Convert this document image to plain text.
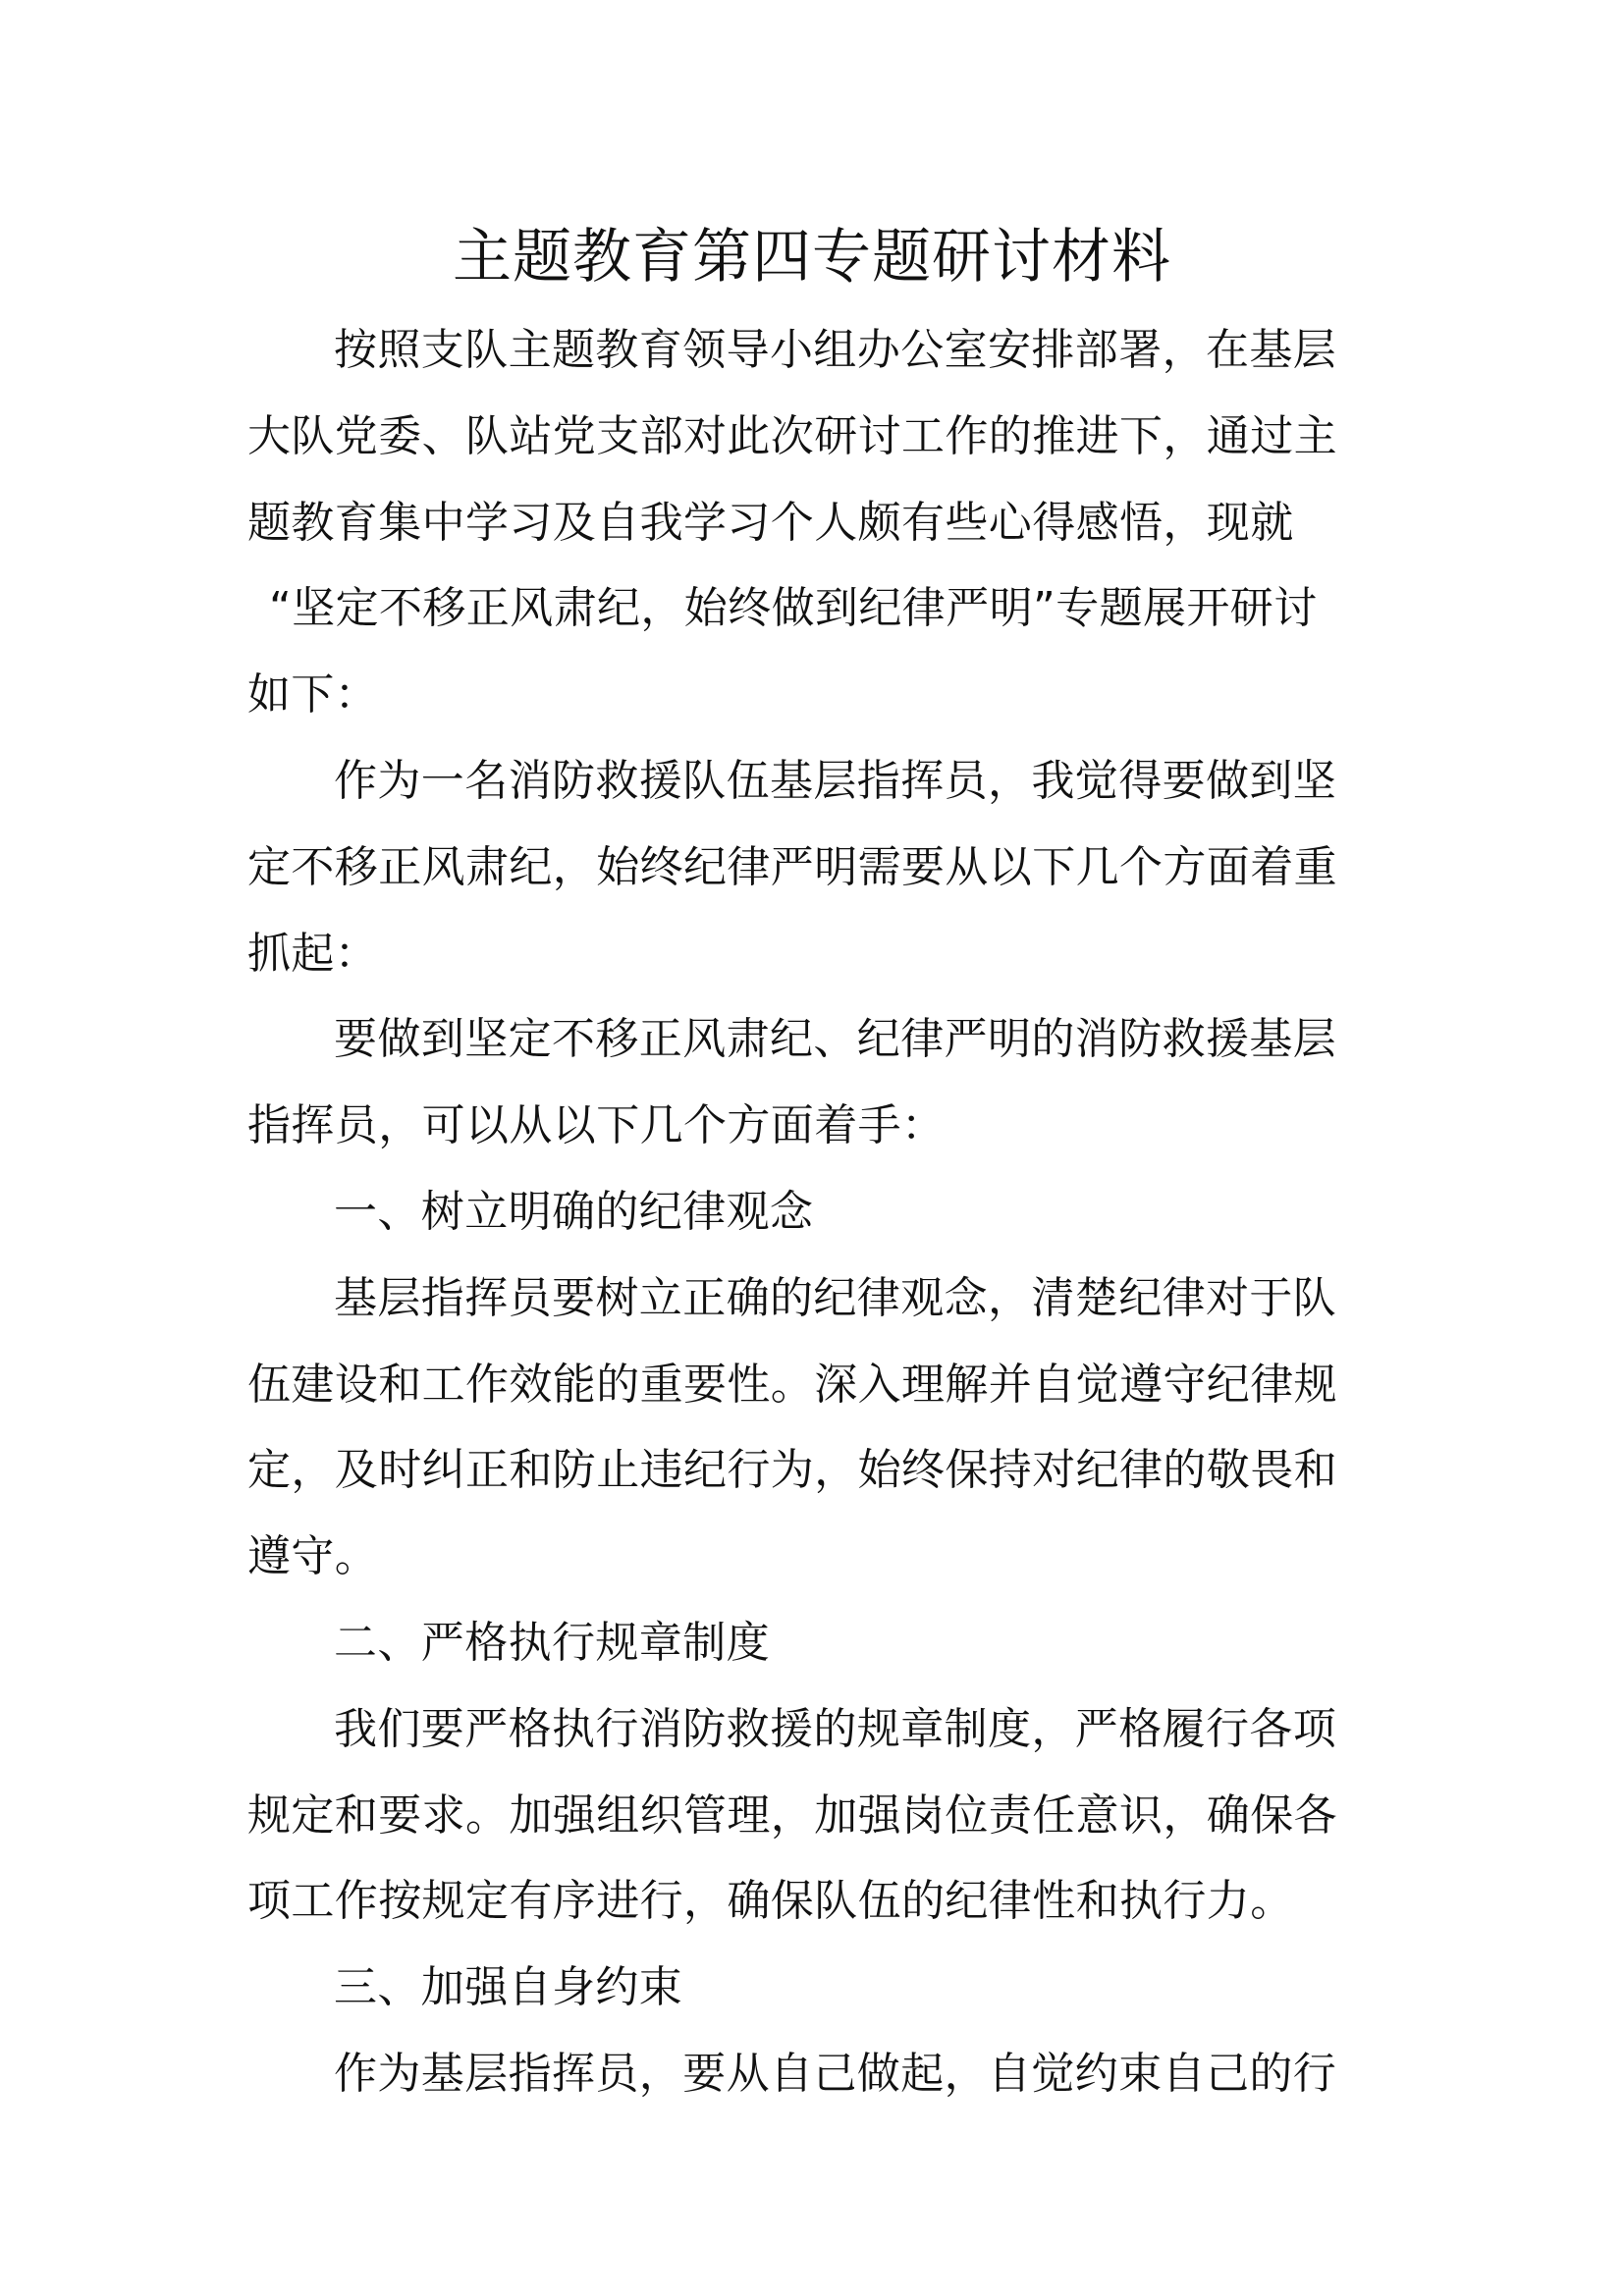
主题教育第四专题研讨材料
按照支队主题教育领导小组办公室安排部署，在基层
大队党委、队站党支部对此次研讨工作的推进下，通过主
题教育集中学习及自我学习个人颇有些心得感悟，现就
“坚定不移正风肃纪，始终做到纪律严明”专题展开研讨
如下：
作为一名消防救援队伍基层指挥员，我觉得要做到坚
定不移正风肃纪，始终纪律严明需要从以下几个方面着重
抓起：
要做到坚定不移正风肃纪、纪律严明的消防救援基层
指挥员，可以从以下几个方面着手：
一、树立明确的纪律观念
基层指挥员要树立正确的纪律观念，清楚纪律对于队
伍建设和工作效能的重要性。深入理解并自觉遵守纪律规
定，及时纠正和防止违纪行为，始终保持对纪律的敬畏和
遵守。
二、严格执行规章制度
我们要严格执行消防救援的规章制度，严格履行各项
规定和要求。加强组织管理，加强岗位责任意识，确保各
项工作按规定有序进行，确保队伍的纪律性和执行力。
三、加强自身约束
作为基层指挥员，要从自己做起，自觉约束自己的行
